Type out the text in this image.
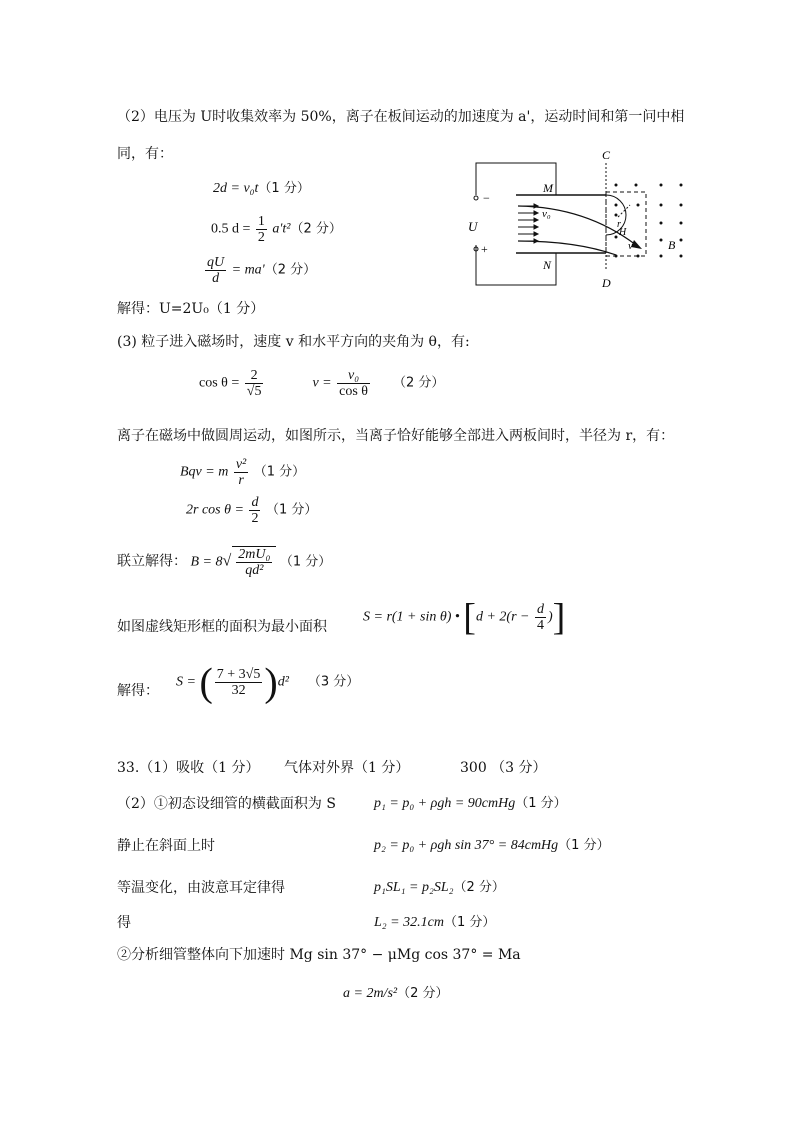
（2）电压为 U时收集效率为 50%，离子在板间运动的加速度为 a'，运动时间和第一问中相
同，有：
2d = v₀t（1 分）
0.5 $d = \frac{1}{2} a't^2(2$ 分）
$\frac{qU}{d} = ma'(2$ 分）
解得：U=2U₀（1 分）
−
+
U
M
N
v₀
v
C
D
r
H
B
(3) 粒子进入磁场时，速度 v 和水平方向的夹角为 θ，有:
$\cos \theta = \frac{2}{√5}$	$v = \frac{\text{v₀}}{\text{cos θ}} (2$ 分）
离子在磁场中做圆周运动，如图所示，当离子恰好能够全部进入两板间时，半径为 r，有：
Bqv = m $\frac{\text{v²}}{r} (1$ 分）
2r $\cos \theta = \frac{d}{2} (1$ 分）
联立解得： $B = 8√ \frac{\text{2mU₀}}{\text{qd²}} (1$ 分）
如图虚线矩形框的面积为最小面积
S = r(1 + sin θ) • [$d + 2(r - \frac{d}{4}$ )]
解得：
S = ( $\frac{7 + 3√5}{32} )d^2$ （3 分）
33.（1）吸收（1 分） 气体对外界（1 分）	300 （3 分）
（2）①初态设细管的横截面积为 S	p₁ = p₀ + ρgh = 90cmHg（1 分）
静止在斜面上时	p₂ = p₀ + ρgh sin 37° = 84cmHg（1 分）
等温变化，由波意耳定律得	p₁SL₁ = p₂SL₂（2 分）
得	L₂ = 32.1cm（1 分）
②分析细管整体向下加速时 Mg sin 37° − μMg cos 37° = Ma
a = 2m/s²（2 分）
